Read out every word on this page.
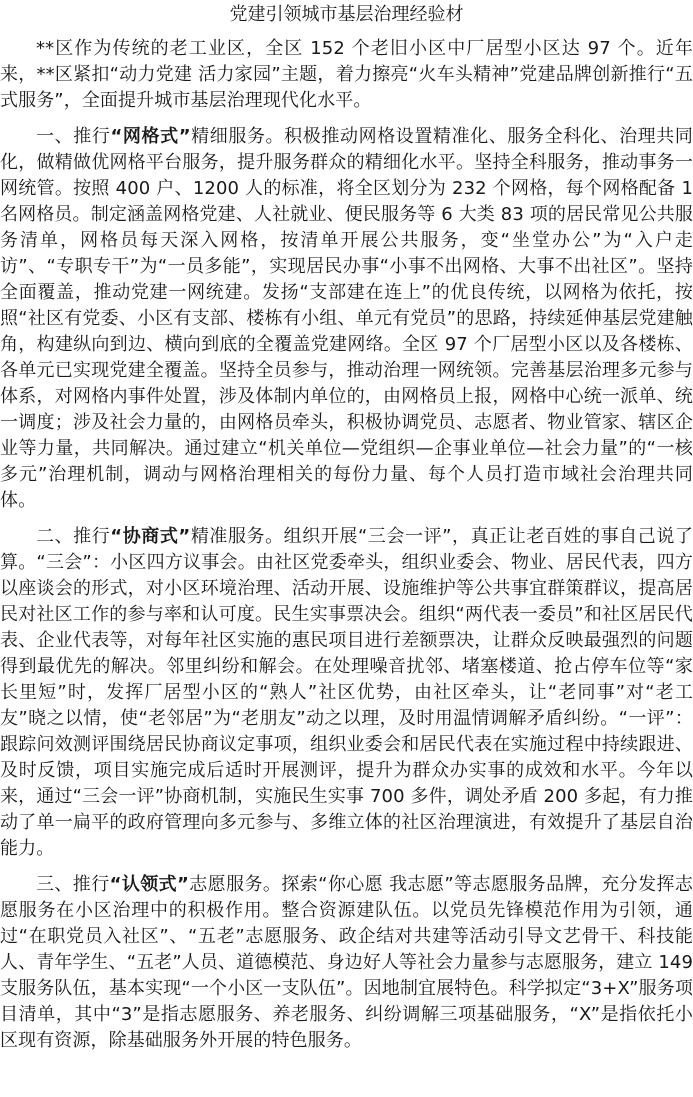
党建引领城市基层治理经验材

**区作为传统的老工业区，全区 152 个老旧小区中厂居型小区达 97 个。近年来，**区紧扣“动力党建 活力家园”主题，着力擦亮“火车头精神”党建品牌创新推行“五式服务”，全面提升城市基层治理现代化水平。

一、推行“网格式”精细服务。积极推动网格设置精准化、服务全科化、治理共同化，做精做优网格平台服务，提升服务群众的精细化水平。坚持全科服务，推动事务一网统管。按照 400 户、1200 人的标准，将全区划分为 232 个网格，每个网格配备 1 名网格员。制定涵盖网格党建、人社就业、便民服务等 6 大类 83 项的居民常见公共服务清单，网格员每天深入网格，按清单开展公共服务，变“坐堂办公”为“入户走访”、“专职专干”为“一员多能”，实现居民办事“小事不出网格、大事不出社区”。坚持全面覆盖，推动党建一网统建。发扬“支部建在连上”的优良传统，以网格为依托，按照“社区有党委、小区有支部、楼栋有小组、单元有党员”的思路，持续延伸基层党建触角，构建纵向到边、横向到底的全覆盖党建网络。全区 97 个厂居型小区以及各楼栋、各单元已实现党建全覆盖。坚持全员参与，推动治理一网统领。完善基层治理多元参与体系，对网格内事件处置，涉及体制内单位的，由网格员上报，网格中心统一派单、统一调度；涉及社会力量的，由网格员牵头，积极协调党员、志愿者、物业管家、辖区企业等力量，共同解决。通过建立“机关单位—党组织—企事业单位—社会力量”的“一核多元”治理机制，调动与网格治理相关的每份力量、每个人员打造市域社会治理共同体。

二、推行“协商式”精准服务。组织开展“三会一评”，真正让老百姓的事自己说了算。“三会”：小区四方议事会。由社区党委牵头，组织业委会、物业、居民代表，四方以座谈会的形式，对小区环境治理、活动开展、设施维护等公共事宜群策群议，提高居民对社区工作的参与率和认可度。民生实事票决会。组织“两代表一委员”和社区居民代表、企业代表等，对每年社区实施的惠民项目进行差额票决，让群众反映最强烈的问题得到最优先的解决。邻里纠纷和解会。在处理噪音扰邻、堵塞楼道、抢占停车位等“家长里短”时，发挥厂居型小区的“熟人”社区优势，由社区牵头，让“老同事”对“老工友”晓之以情，使“老邻居”为“老朋友”动之以理，及时用温情调解矛盾纠纷。“一评”：跟踪问效测评围绕居民协商议定事项，组织业委会和居民代表在实施过程中持续跟进、及时反馈，项目实施完成后适时开展测评，提升为群众办实事的成效和水平。今年以来，通过“三会一评”协商机制，实施民生实事 700 多件，调处矛盾 200 多起，有力推动了单一扁平的政府管理向多元参与、多维立体的社区治理演进，有效提升了基层自治能力。

三、推行“认领式”志愿服务。探索“你心愿 我志愿”等志愿服务品牌，充分发挥志愿服务在小区治理中的积极作用。整合资源建队伍。以党员先锋模范作用为引领，通过“在职党员入社区”、“五老”志愿服务、政企结对共建等活动引导文艺骨干、科技能人、青年学生、“五老”人员、道德模范、身边好人等社会力量参与志愿服务，建立 149 支服务队伍，基本实现“一个小区一支队伍”。因地制宜展特色。科学拟定“3+X”服务项目清单，其中“3”是指志愿服务、养老服务、纠纷调解三项基础服务，“X”是指依托小区现有资源，除基础服务外开展的特色服务。
